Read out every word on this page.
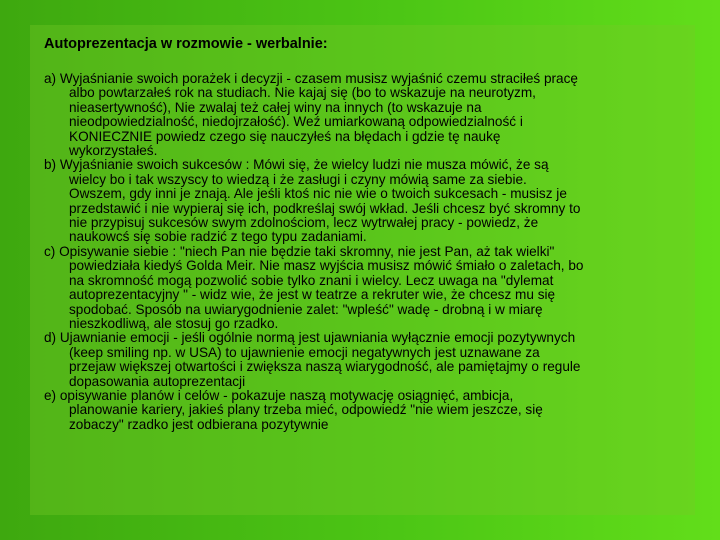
Autoprezentacja w rozmowie - werbalnie:
a) Wyjaśnianie swoich porażek i decyzji - czasem musisz wyjaśnić czemu straciłeś pracę
albo powtarzałeś rok na studiach. Nie kajaj się (bo to wskazuje na neurotyzm,
nieasertywność), Nie zwalaj też całej winy na innych (to wskazuje na
nieodpowiedzialność, niedojrzałość). Weź umiarkowaną odpowiedzialność i
KONIECZNIE powiedz czego się nauczyłeś na błędach i gdzie tę naukę
wykorzystałeś.
b) Wyjaśnianie swoich sukcesów : Mówi się, że wielcy ludzi nie musza mówić, że są
wielcy bo i tak wszyscy to wiedzą i że zasługi i czyny mówią same za siebie.
Owszem, gdy inni je znają. Ale jeśli ktoś nic nie wie o twoich sukcesach - musisz je
przedstawić i nie wypieraj się ich, podkreślaj swój wkład. Jeśli chcesz być skromny to
nie przypisuj sukcesów swym zdolnościom, lecz wytrwałej pracy - powiedz, że
naukowcś się sobie radzić z tego typu zadaniami.
c) Opisywanie siebie : "niech Pan nie będzie taki skromny, nie jest Pan, aż tak wielki"
powiedziała kiedyś Golda Meir. Nie masz wyjścia musisz mówić śmiało o zaletach, bo
na skromność mogą pozwolić sobie tylko znani i wielcy. Lecz uwaga na "dylemat
autoprezentacyjny " - widz wie, że jest w teatrze a rekruter wie, że chcesz mu się
spodobać. Sposób na uwiarygodnienie zalet: "wpleść" wadę - drobną i w miarę
nieszkodliwą, ale stosuj go rzadko.
d) Ujawnianie emocji - jeśli ogólnie normą jest ujawniania wyłącznie emocji pozytywnych
(keep smiling np. w USA) to ujawnienie emocji negatywnych jest uznawane za
przejaw większej otwartości i zwiększa naszą wiarygodność, ale pamiętajmy o regule
dopasowania autoprezentacji
e) opisywanie planów i celów - pokazuje naszą motywację osiągnięć, ambicja,
planowanie kariery, jakieś plany trzeba mieć, odpowiedź "nie wiem jeszcze, się
zobaczy" rzadko jest odbierana pozytywnie
